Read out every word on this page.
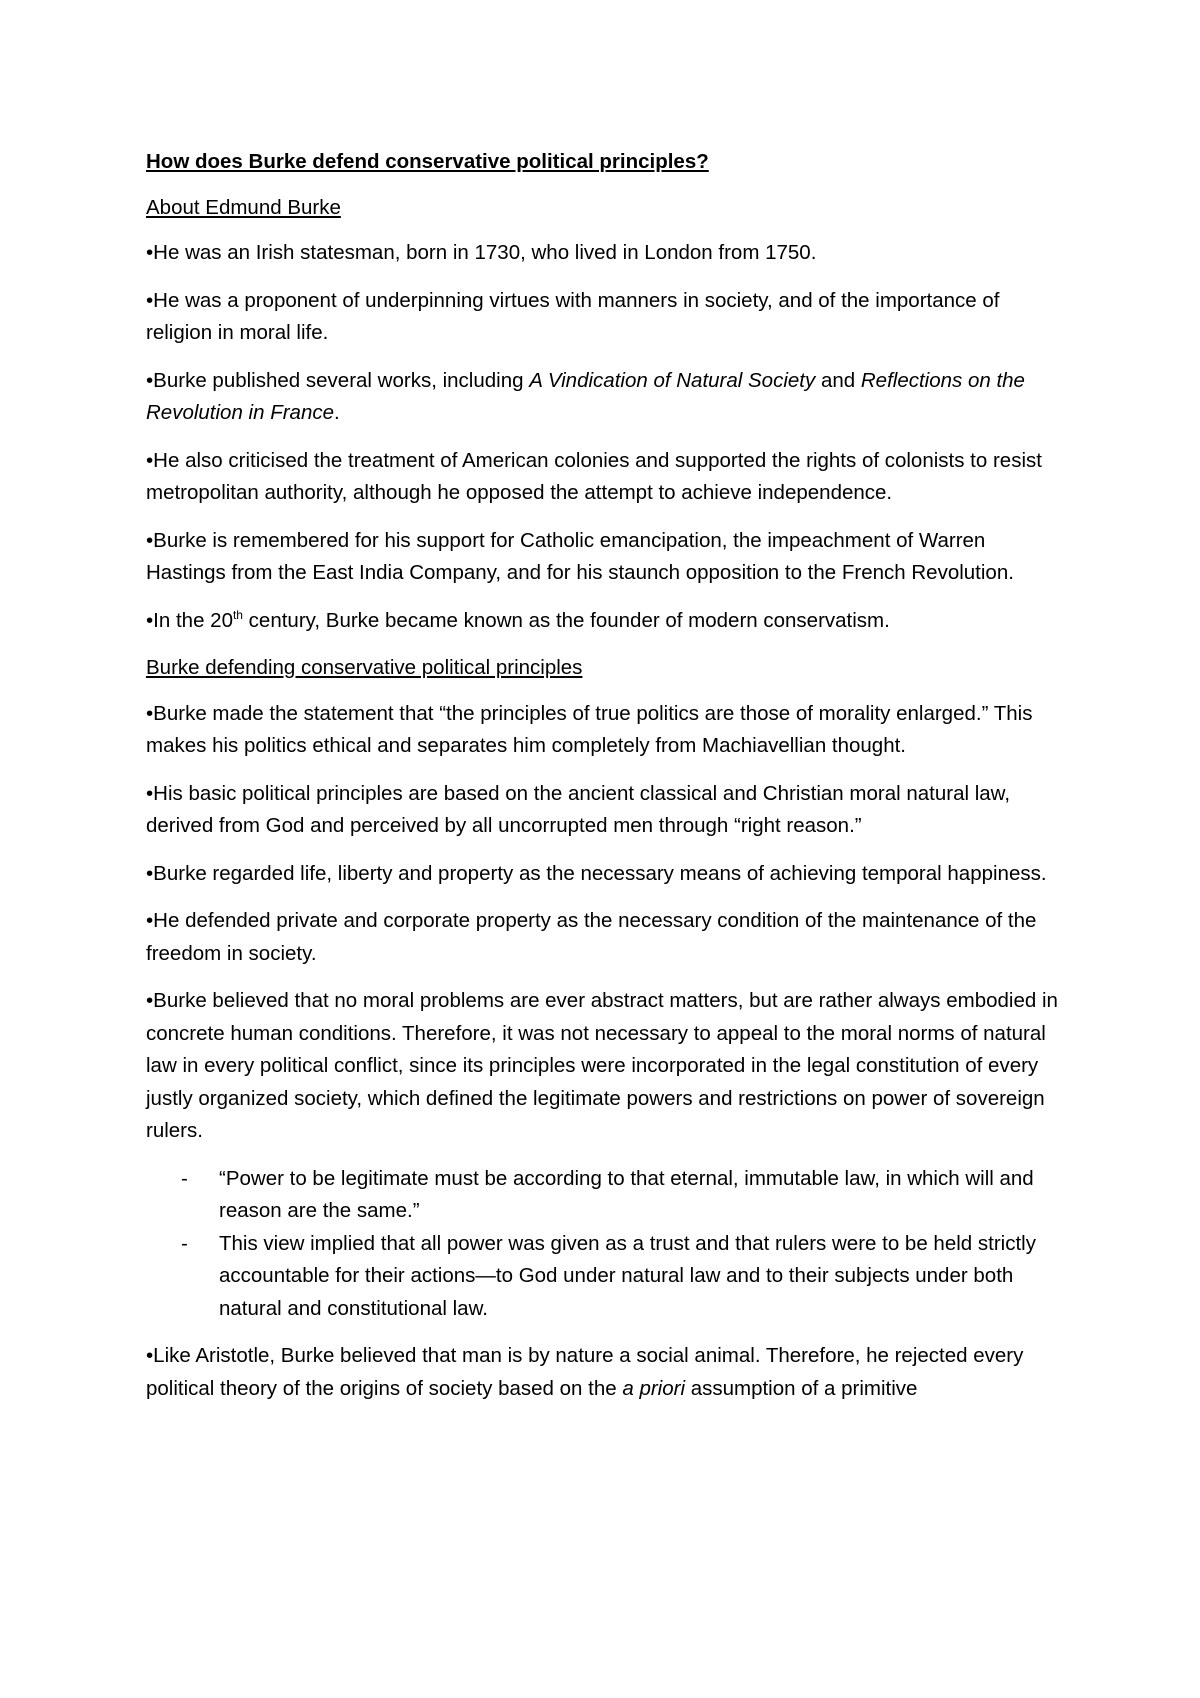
How does Burke defend conservative political principles?
About Edmund Burke

•He was an Irish statesman, born in 1730, who lived in London from 1750.

•He was a proponent of underpinning virtues with manners in society, and of the importance of religion in moral life.

•Burke published several works, including A Vindication of Natural Society and Reflections on the Revolution in France.

•He also criticised the treatment of American colonies and supported the rights of colonists to resist metropolitan authority, although he opposed the attempt to achieve independence.

•Burke is remembered for his support for Catholic emancipation, the impeachment of Warren Hastings from the East India Company, and for his staunch opposition to the French Revolution.

•In the 20th century, Burke became known as the founder of modern conservatism.

Burke defending conservative political principles

•Burke made the statement that “the principles of true politics are those of morality enlarged.” This makes his politics ethical and separates him completely from Machiavellian thought.

•His basic political principles are based on the ancient classical and Christian moral natural law, derived from God and perceived by all uncorrupted men through “right reason.”

•Burke regarded life, liberty and property as the necessary means of achieving temporal happiness.

•He defended private and corporate property as the necessary condition of the maintenance of the freedom in society.

•Burke believed that no moral problems are ever abstract matters, but are rather always embodied in concrete human conditions. Therefore, it was not necessary to appeal to the moral norms of natural law in every political conflict, since its principles were incorporated in the legal constitution of every justly organized society, which defined the legitimate powers and restrictions on power of sovereign rulers.

- “Power to be legitimate must be according to that eternal, immutable law, in which will and reason are the same.”
- This view implied that all power was given as a trust and that rulers were to be held strictly accountable for their actions—to God under natural law and to their subjects under both natural and constitutional law.

•Like Aristotle, Burke believed that man is by nature a social animal. Therefore, he rejected every political theory of the origins of society based on the a priori assumption of a primitive
